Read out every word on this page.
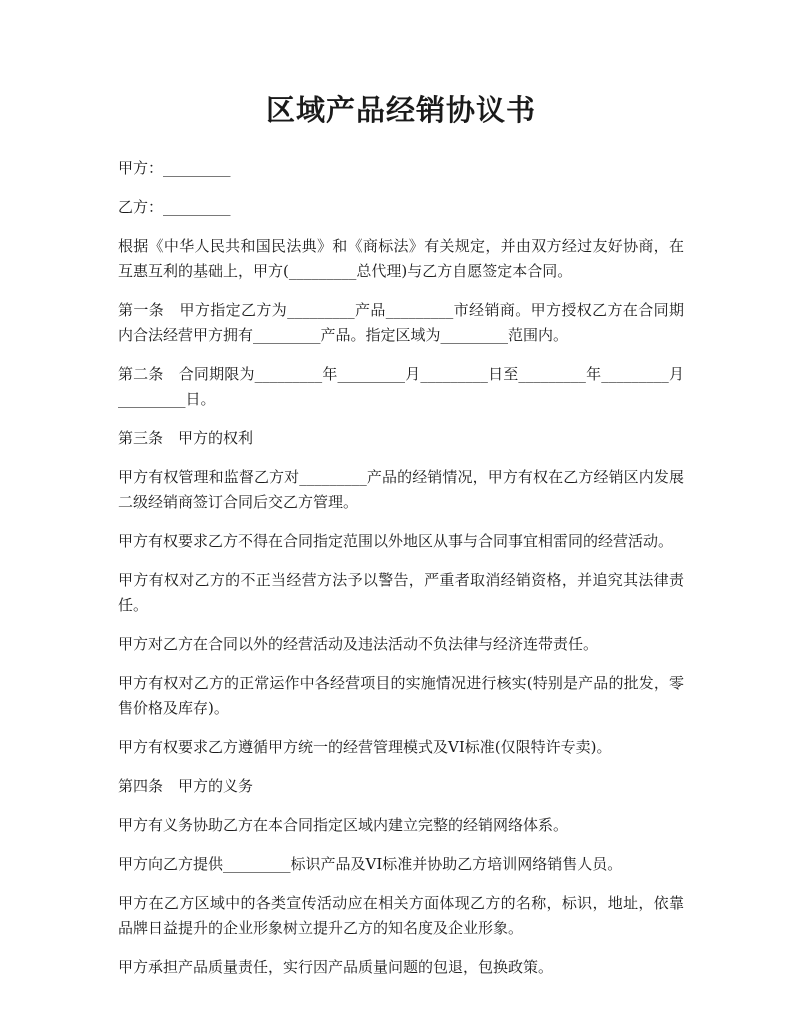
区域产品经销协议书

甲方：_________

乙方：_________

根据《中华人民共和国民法典》和《商标法》有关规定，并由双方经过友好协商，在互惠互利的基础上，甲方(_________总代理)与乙方自愿签定本合同。

第一条　甲方指定乙方为_________产品_________市经销商。甲方授权乙方在合同期内合法经营甲方拥有_________产品。指定区域为_________范围内。

第二条　合同期限为_________年_________月_________日至_________年_________月_________日。

第三条　甲方的权利

甲方有权管理和监督乙方对_________产品的经销情况，甲方有权在乙方经销区内发展二级经销商签订合同后交乙方管理。

甲方有权要求乙方不得在合同指定范围以外地区从事与合同事宜相雷同的经营活动。

甲方有权对乙方的不正当经营方法予以警告，严重者取消经销资格，并追究其法律责任。

甲方对乙方在合同以外的经营活动及违法活动不负法律与经济连带责任。

甲方有权对乙方的正常运作中各经营项目的实施情况进行核实(特别是产品的批发，零售价格及库存)。

甲方有权要求乙方遵循甲方统一的经营管理模式及VI标准(仅限特许专卖)。

第四条　甲方的义务

甲方有义务协助乙方在本合同指定区域内建立完整的经销网络体系。

甲方向乙方提供_________标识产品及VI标准并协助乙方培训网络销售人员。

甲方在乙方区域中的各类宣传活动应在相关方面体现乙方的名称，标识，地址，依靠品牌日益提升的企业形象树立提升乙方的知名度及企业形象。

甲方承担产品质量责任，实行因产品质量问题的包退，包换政策。
